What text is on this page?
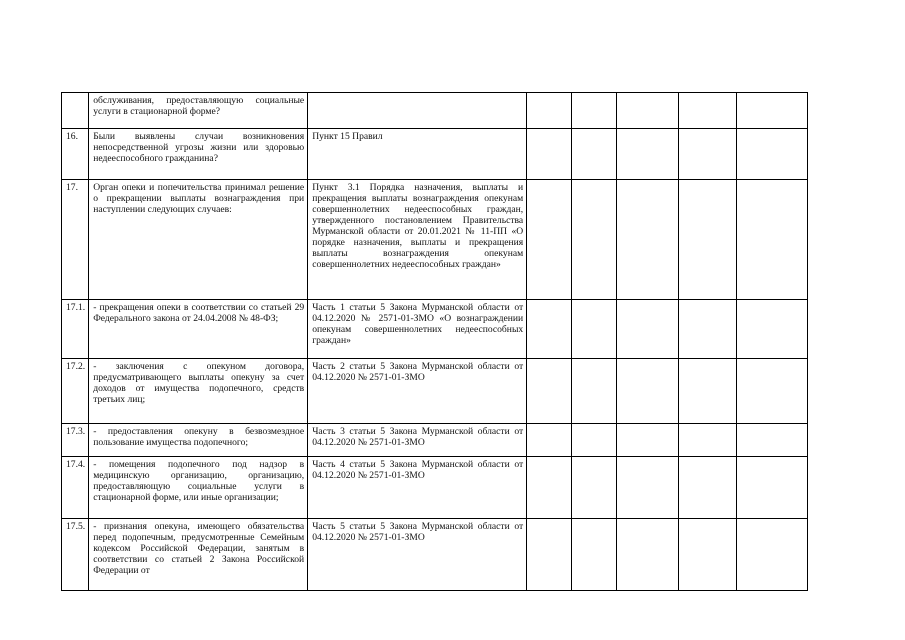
	обслуживания, предоставляющую социальные услуги в стационарной форме?						
16.	Были выявлены случаи возникновения непосредственной угрозы жизни или здоровью недееспособного гражданина?	Пункт 15 Правил					
17.	Орган опеки и попечительства принимал решение о прекращении выплаты вознаграждения при наступлении следующих случаев:	Пункт 3.1 Порядка назначения, выплаты и прекращения выплаты вознаграждения опекунам совершеннолетних недееспособных граждан, утвержденного постановлением Правительства Мурманской области от 20.01.2021 № 11-ПП «О порядке назначения, выплаты и прекращения выплаты вознаграждения опекунам совершеннолетних недееспособных граждан»					
17.1.	- прекращения опеки в соответствии со статьей 29 Федерального закона от 24.04.2008 № 48-ФЗ;	Часть 1 статьи 5 Закона Мурманской области от 04.12.2020 № 2571-01-ЗМО «О вознаграждении опекунам совершеннолетних недееспособных граждан»					
17.2.	- заключения с опекуном договора, предусматривающего выплаты опекуну за счет доходов от имущества подопечного, средств третьих лиц;	Часть 2 статьи 5 Закона Мурманской области от 04.12.2020 № 2571-01-ЗМО					
17.3.	- предоставления опекуну в безвозмездное пользование имущества подопечного;	Часть 3 статьи 5 Закона Мурманской области от 04.12.2020 № 2571-01-ЗМО					
17.4.	- помещения подопечного под надзор в медицинскую организацию, организацию, предоставляющую социальные услуги в стационарной форме, или иные организации;	Часть 4 статьи 5 Закона Мурманской области от 04.12.2020 № 2571-01-ЗМО					
17.5.	- признания опекуна, имеющего обязательства перед подопечным, предусмотренные Семейным кодексом Российской Федерации, занятым в соответствии со статьей 2 Закона Российской Федерации от	Часть 5 статьи 5 Закона Мурманской области от 04.12.2020 № 2571-01-ЗМО					
